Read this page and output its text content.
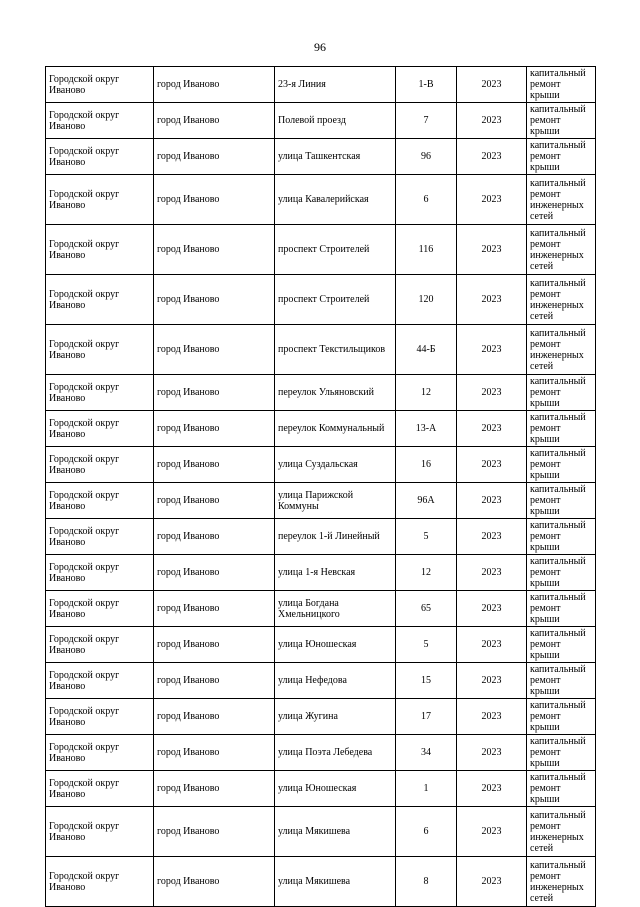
96
Городской округ Иваново	город Иваново	23-я Линия	1-В	2023	капитальный ремонт крыши
Городской округ Иваново	город Иваново	Полевой проезд	7	2023	капитальный ремонт крыши
Городской округ Иваново	город Иваново	улица Ташкентская	96	2023	капитальный ремонт крыши
Городской округ Иваново	город Иваново	улица Кавалерийская	6	2023	капитальный ремонт инженерных сетей
Городской округ Иваново	город Иваново	проспект Строителей	116	2023	капитальный ремонт инженерных сетей
Городской округ Иваново	город Иваново	проспект Строителей	120	2023	капитальный ремонт инженерных сетей
Городской округ Иваново	город Иваново	проспект Текстильщиков	44-Б	2023	капитальный ремонт инженерных сетей
Городской округ Иваново	город Иваново	переулок Ульяновский	12	2023	капитальный ремонт крыши
Городской округ Иваново	город Иваново	переулок Коммунальный	13-А	2023	капитальный ремонт крыши
Городской округ Иваново	город Иваново	улица Суздальская	16	2023	капитальный ремонт крыши
Городской округ Иваново	город Иваново	улица Парижской Коммуны	96А	2023	капитальный ремонт крыши
Городской округ Иваново	город Иваново	переулок 1-й Линейный	5	2023	капитальный ремонт крыши
Городской округ Иваново	город Иваново	улица 1-я Невская	12	2023	капитальный ремонт крыши
Городской округ Иваново	город Иваново	улица Богдана Хмельницкого	65	2023	капитальный ремонт крыши
Городской округ Иваново	город Иваново	улица Юношеская	5	2023	капитальный ремонт крыши
Городской округ Иваново	город Иваново	улица Нефедова	15	2023	капитальный ремонт крыши
Городской округ Иваново	город Иваново	улица Жугина	17	2023	капитальный ремонт крыши
Городской округ Иваново	город Иваново	улица Поэта Лебедева	34	2023	капитальный ремонт крыши
Городской округ Иваново	город Иваново	улица Юношеская	1	2023	капитальный ремонт крыши
Городской округ Иваново	город Иваново	улица Мякишева	6	2023	капитальный ремонт инженерных сетей
Городской округ Иваново	город Иваново	улица Мякишева	8	2023	капитальный ремонт инженерных сетей
